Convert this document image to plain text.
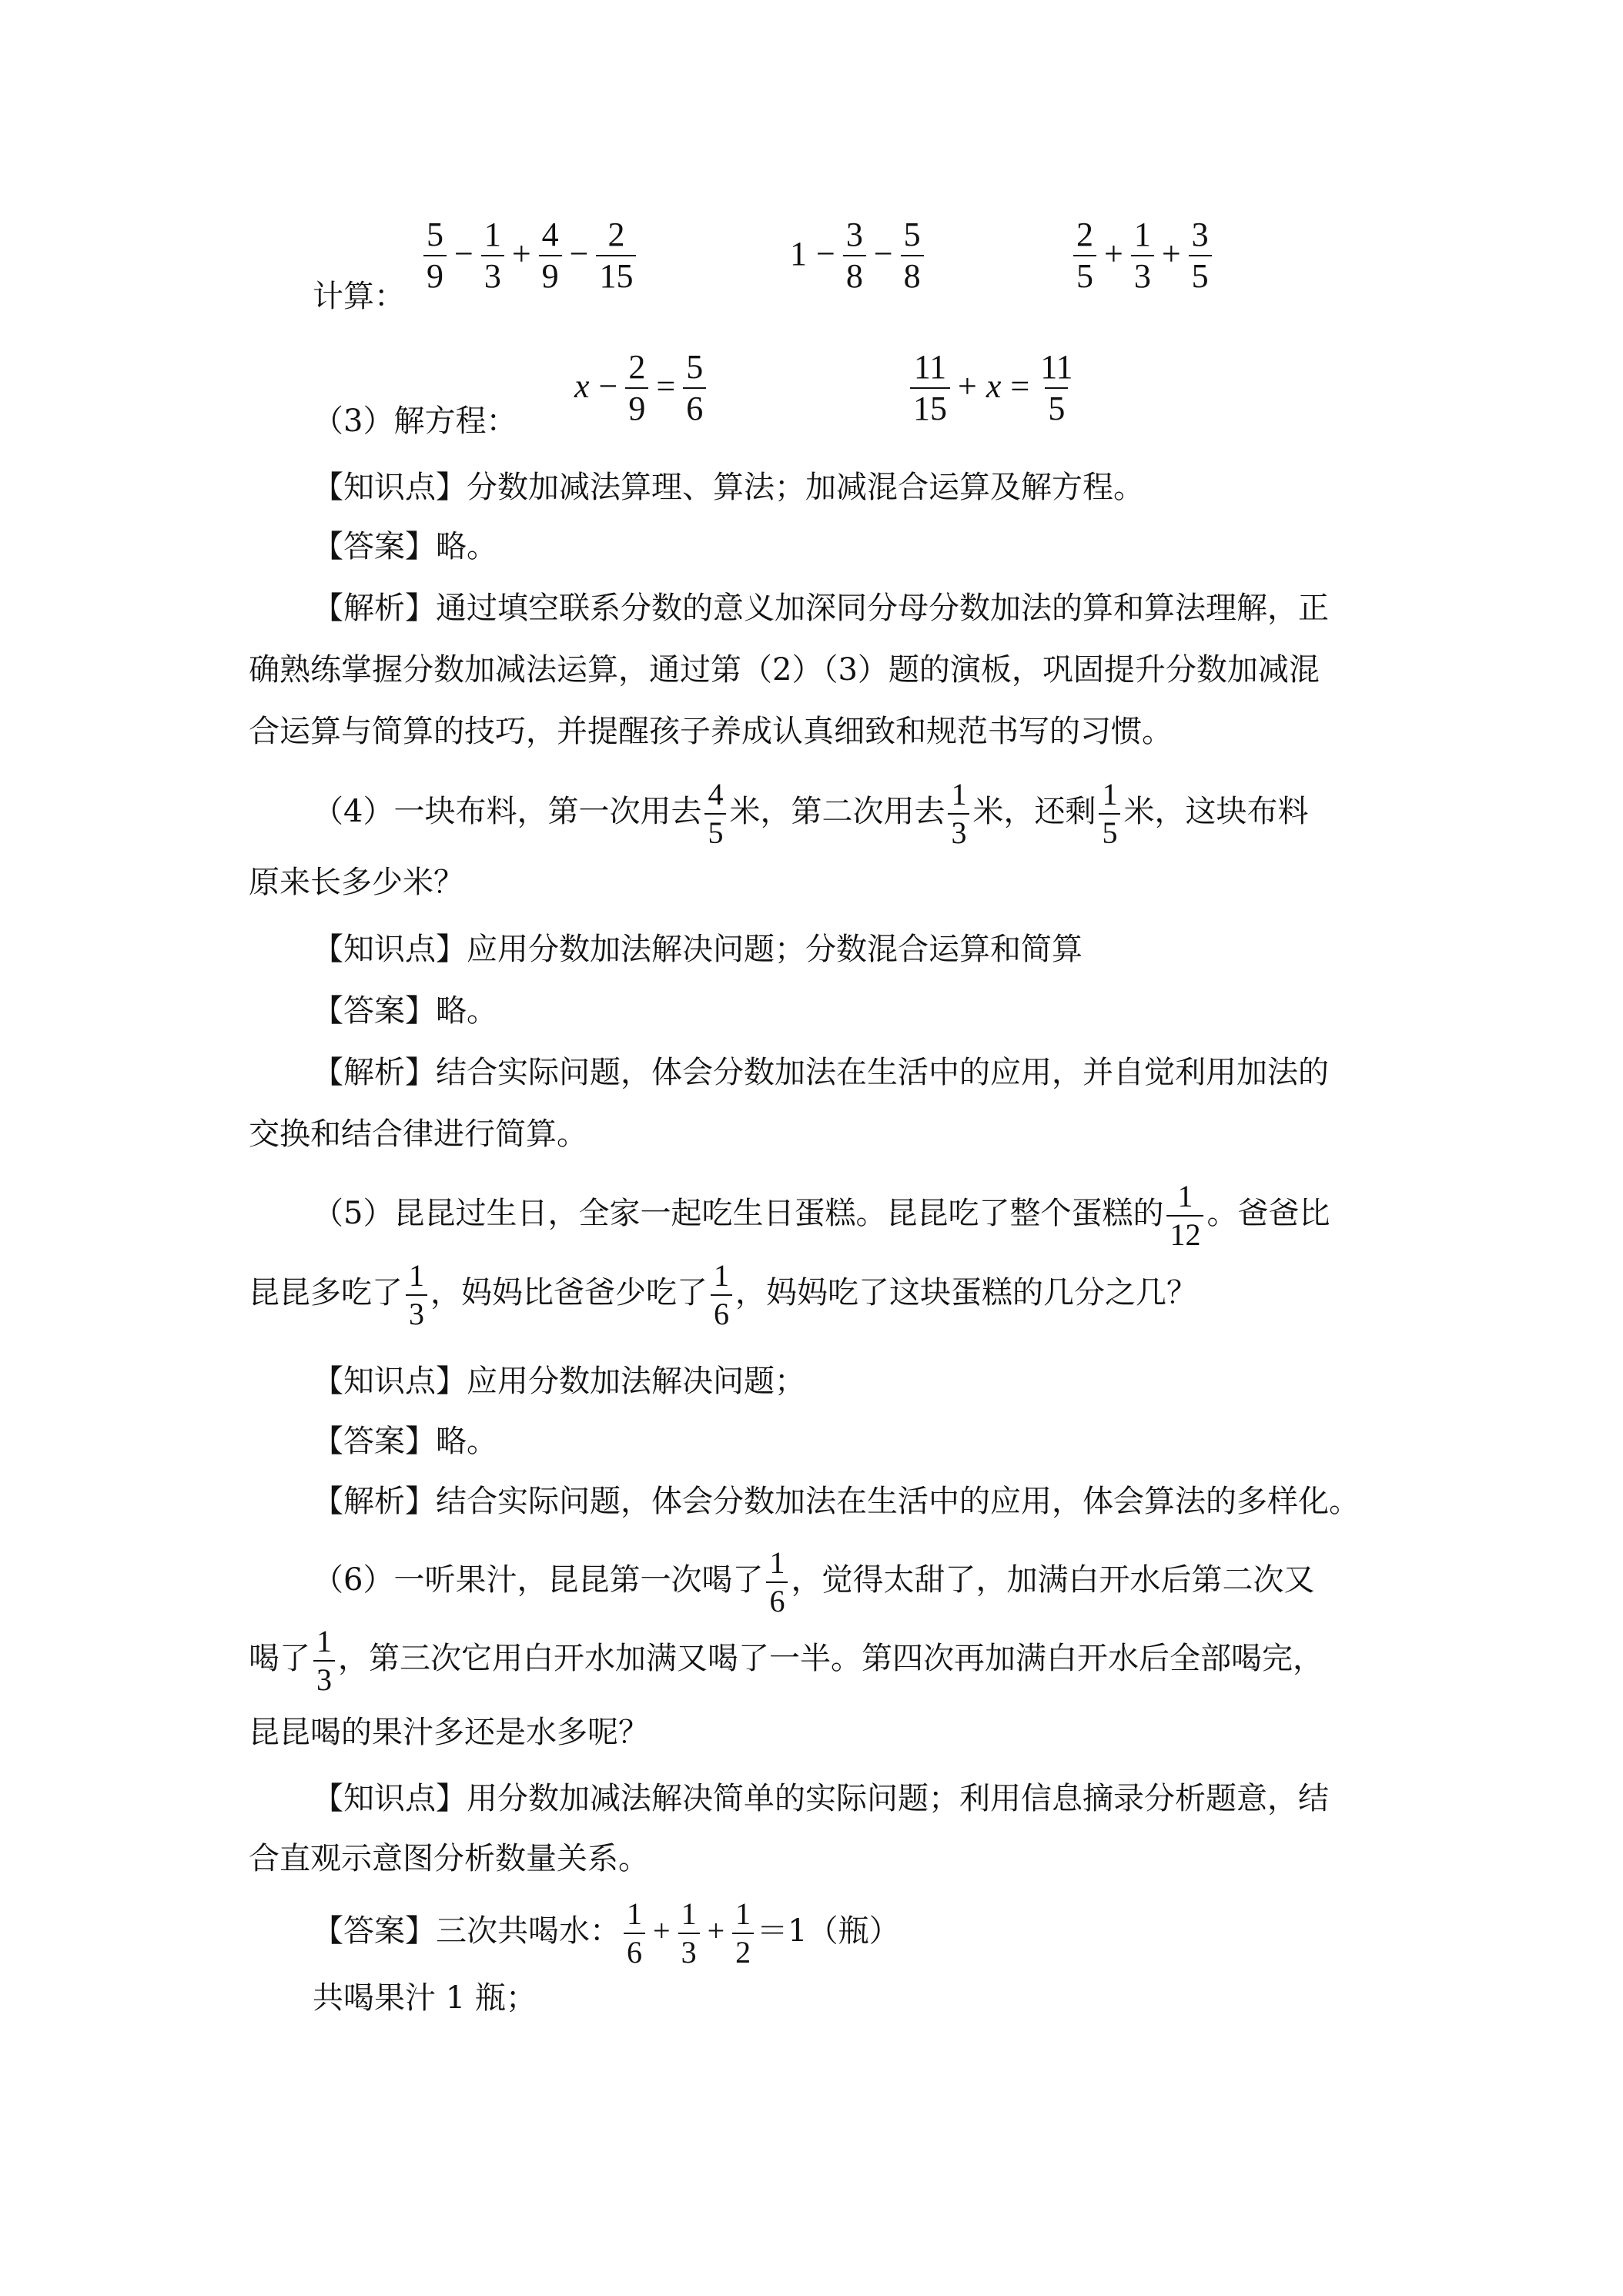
$\frac{5}{9} - \frac{1}{3} + \frac{4}{9} - \frac{2}{15}$	$1 - \frac{3}{8} - \frac{5}{8}$	$\frac{2}{5} + \frac{1}{3} + \frac{3}{5}$
计算：
$x - \frac{2}{9} = \frac{5}{6}$	$\frac{11}{15} + x = \frac{11}{5}$
（3）解方程：
【知识点】分数加减法算理、算法；加减混合运算及解方程。
【答案】略。
【解析】通过填空联系分数的意义加深同分母分数加法的算和算法理解，正
确熟练掌握分数加减法运算，通过第（2）（3）题的演板，巩固提升分数加减混
合运算与简算的技巧，并提醒孩子养成认真细致和规范书写的习惯。
（4）一块布料，第一次用去 $\frac{4}{5}$ 米，第二次用去 $\frac{1}{3}$ 米，还剩 $\frac{1}{5}$ 米，这块布料
原来长多少米？
【知识点】应用分数加法解决问题；分数混合运算和简算
【答案】略。
【解析】结合实际问题，体会分数加法在生活中的应用，并自觉利用加法的
交换和结合律进行简算。
（5）昆昆过生日，全家一起吃生日蛋糕。昆昆吃了整个蛋糕的 $\frac{1}{12}$ 。爸爸比
昆昆多吃了 $\frac{1}{3}$ ，妈妈比爸爸少吃了 $\frac{1}{6}$ ，妈妈吃了这块蛋糕的几分之几？
【知识点】应用分数加法解决问题；
【答案】略。
【解析】结合实际问题，体会分数加法在生活中的应用，体会算法的多样化。
（6）一听果汁，昆昆第一次喝了 $\frac{1}{6}$ ，觉得太甜了，加满白开水后第二次又
喝了 $\frac{1}{3}$ ，第三次它用白开水加满又喝了一半。第四次再加满白开水后全部喝完，
昆昆喝的果汁多还是水多呢？
【知识点】用分数加减法解决简单的实际问题；利用信息摘录分析题意，结
合直观示意图分析数量关系。
【答案】三次共喝水： $\frac{1}{6} + \frac{1}{3} + \frac{1}{2} =1$（瓶）
共喝果汁 1 瓶；
